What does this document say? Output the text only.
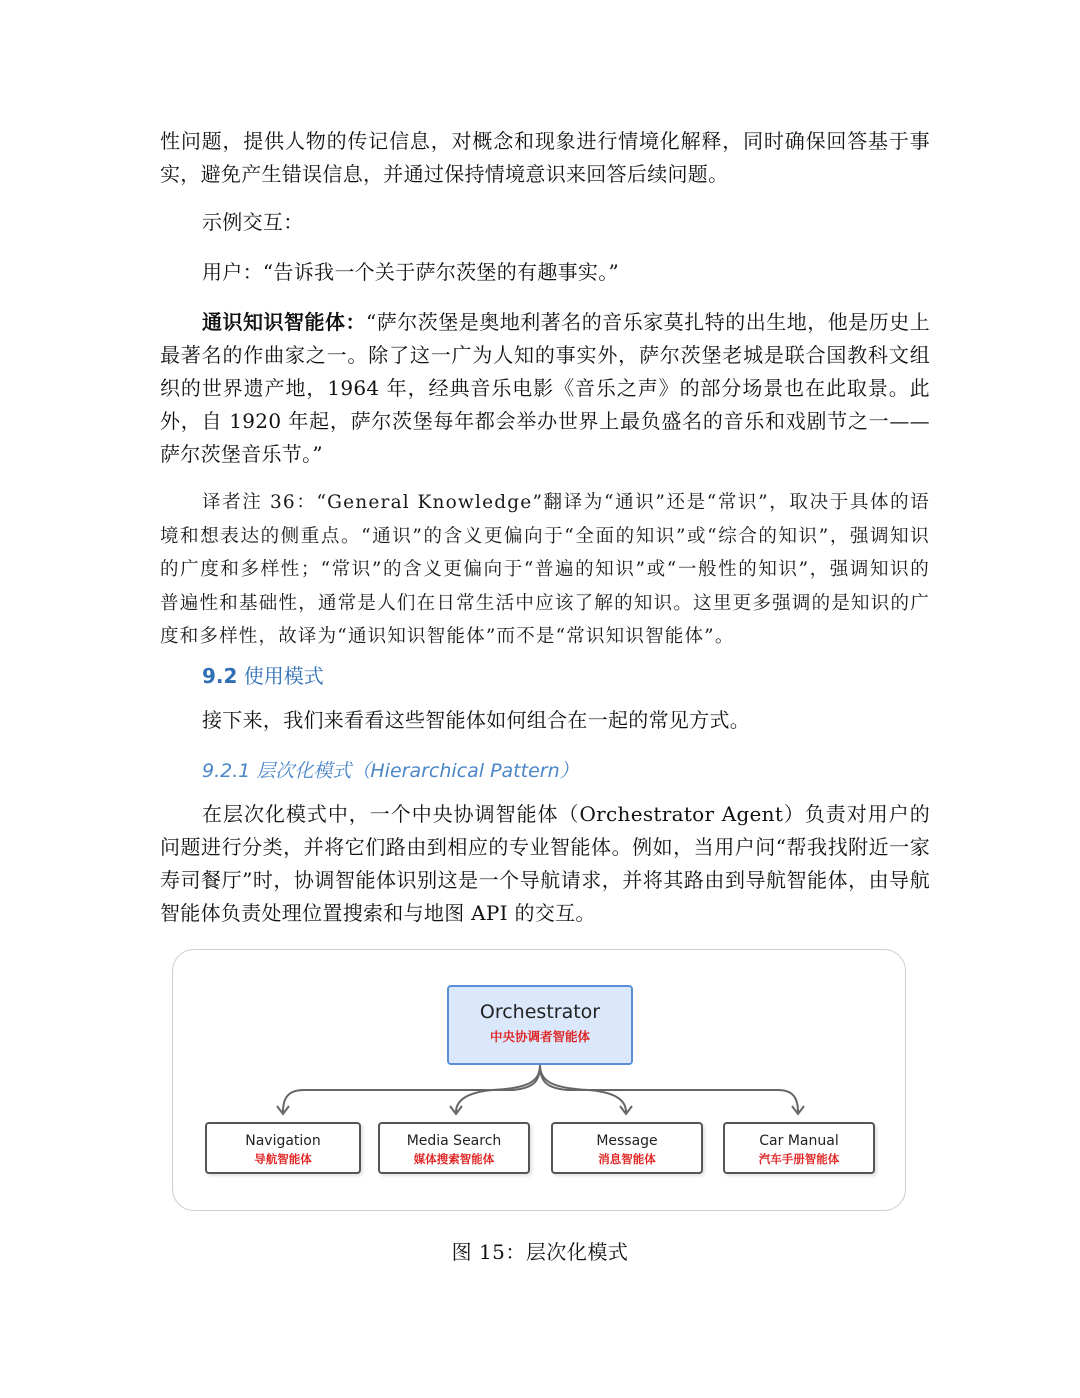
性问题，提供人物的传记信息，对概念和现象进行情境化解释，同时确保回答基于事实，避免产生错误信息，并通过保持情境意识来回答后续问题。

示例交互：

用户：“告诉我一个关于萨尔茨堡的有趣事实。”

通识知识智能体：“萨尔茨堡是奥地利著名的音乐家莫扎特的出生地，他是历史上最著名的作曲家之一。除了这一广为人知的事实外，萨尔茨堡老城是联合国教科文组织的世界遗产地，1964 年，经典音乐电影《音乐之声》的部分场景也在此取景。此外，自 1920 年起，萨尔茨堡每年都会举办世界上最负盛名的音乐和戏剧节之一——萨尔茨堡音乐节。”

译者注 36：“General Knowledge”翻译为“通识”还是“常识”，取决于具体的语境和想表达的侧重点。“通识”的含义更偏向于“全面的知识”或“综合的知识”，强调知识的广度和多样性；“常识”的含义更偏向于“普遍的知识”或“一般性的知识”，强调知识的普遍性和基础性，通常是人们在日常生活中应该了解的知识。这里更多强调的是知识的广度和多样性，故译为“通识知识智能体”而不是“常识知识智能体”。

9.2 使用模式

接下来，我们来看看这些智能体如何组合在一起的常见方式。

9.2.1 层次化模式（Hierarchical Pattern）

在层次化模式中，一个中央协调智能体（Orchestrator Agent）负责对用户的问题进行分类，并将它们路由到相应的专业智能体。例如，当用户问“帮我找附近一家寿司餐厅”时，协调智能体识别这是一个导航请求，并将其路由到导航智能体，由导航智能体负责处理位置搜索和与地图 API 的交互。

Orchestrator
中央协调者智能体
Navigation
导航智能体
Media Search
媒体搜索智能体
Message
消息智能体
Car Manual
汽车手册智能体

图 15：层次化模式
